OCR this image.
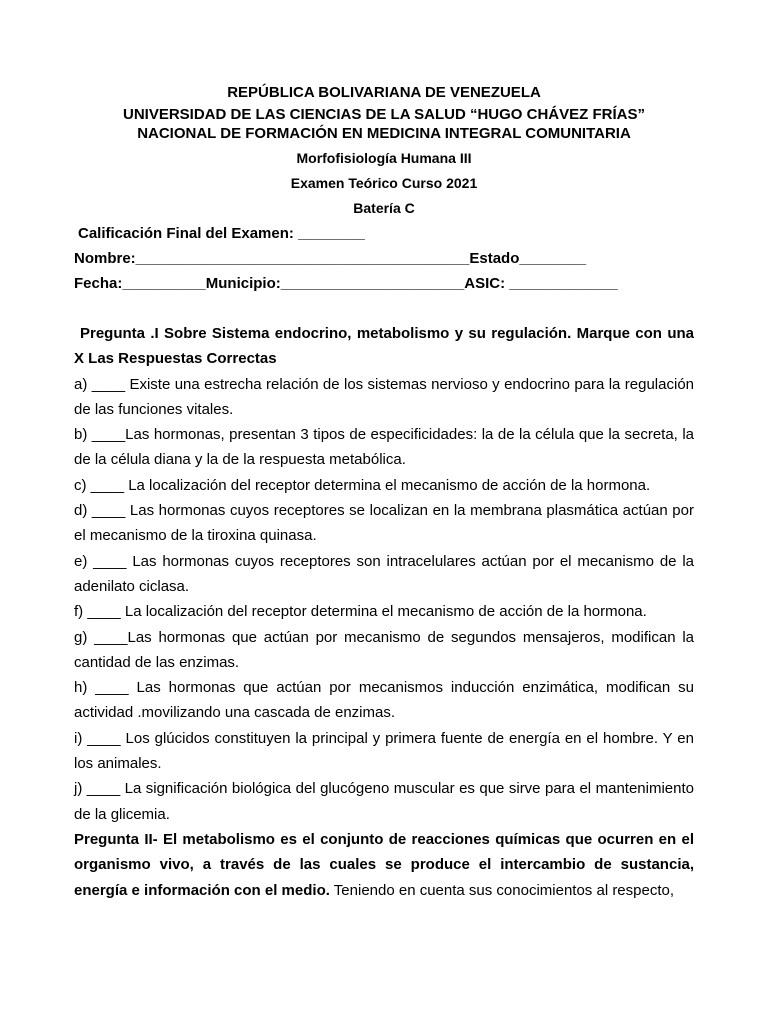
REPÚBLICA BOLIVARIANA DE VENEZUELA

UNIVERSIDAD DE LAS CIENCIAS DE LA SALUD “HUGO CHÁVEZ FRÍAS”

NACIONAL DE FORMACIÓN EN MEDICINA INTEGRAL COMUNITARIA

Morfofisiología Humana III

Examen Teórico Curso 2021

Batería C

Calificación Final del Examen: ________

Nombre:________________________________________Estado________

Fecha:__________Municipio:______________________ASIC: _____________

Pregunta .I Sobre Sistema endocrino, metabolismo y su regulación. Marque con una X Las Respuestas Correctas

a) ____ Existe una estrecha relación de los sistemas nervioso y endocrino para la regulación de las funciones vitales.

b) ____Las hormonas, presentan 3 tipos de especificidades: la de la célula que la secreta, la de la célula diana y la de la respuesta metabólica.

c) ____ La localización del receptor determina el mecanismo de acción de la hormona.

d) ____ Las hormonas cuyos receptores se localizan en la membrana plasmática actúan por el mecanismo de la tiroxina quinasa.

e) ____ Las hormonas cuyos receptores son intracelulares actúan por el mecanismo de la adenilato ciclasa.

f) ____ La localización del receptor determina el mecanismo de acción de la hormona.

g) ____Las hormonas que actúan por mecanismo de segundos mensajeros, modifican la cantidad de las enzimas.

h) ____ Las hormonas que actúan por mecanismos inducción enzimática, modifican su actividad .movilizando una cascada de enzimas.

i) ____ Los glúcidos constituyen la principal y primera fuente de energía en el hombre. Y en los animales.

j) ____ La significación biológica del glucógeno muscular es que sirve para el mantenimiento de la glicemia.

Pregunta II- El metabolismo es el conjunto de reacciones químicas que ocurren en el organismo vivo, a través de las cuales se produce el intercambio de sustancia, energía e información con el medio. Teniendo en cuenta sus conocimientos al respecto,
